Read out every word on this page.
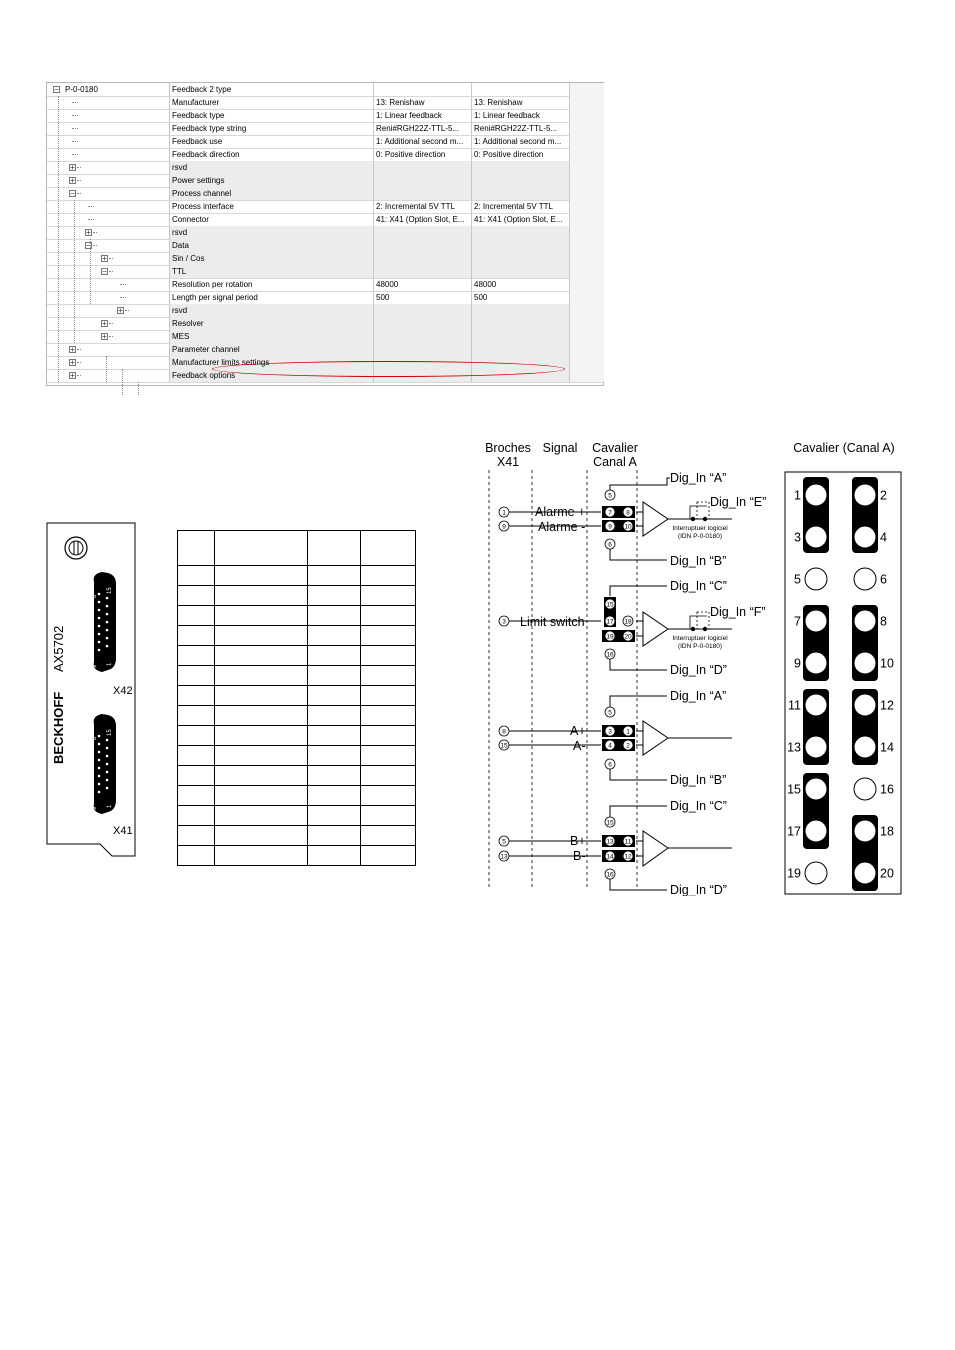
− P-0-0180	Feedback 2 type
Manufacturer	13: Renishaw	13: Renishaw
Feedback type	1: Linear feedback	1: Linear feedback
Feedback type string	Reni#RGH22Z-TTL-5...	Reni#RGH22Z-TTL-5...
Feedback use	1: Additional second m...	1: Additional second m...
Feedback direction	0: Positive direction	0: Positive direction
+	rsvd
+	Power settings
−	Process channel
Process interface	2: Incremental 5V TTL	2: Incremental 5V TTL
Connector	41: X41 (Option Slot, E...	41: X41 (Option Slot, E...
+	rsvd
−	Data
+	Sin / Cos
−	TTL
Resolution per rotation	48000	48000
Length per signal period	500	500
+	rsvd
+	Resolver
+	MES
+	Parameter channel
+	Manufacturer limits settings
+	Feedback options
15
1
8
9
15
1
8
9
BECKHOFF
AX5702
X42
X41

Broches
X41
Signal Cavalier
Canal A
Cavalier (Canal A)
1	2
3	4
5	6
7	8
9	10
11	12
13	14
15	16
17	18
19	20
Dig_In “A”
Dig_In “E”
Dig_In “B”
Dig_In “C”
Dig_In “F”
Dig_In “D”
Dig_In “A”
Dig_In “B”
Dig_In “C”
Dig_In “D”
Alarme +
Alarme -
Limit switch
A+
A-
B+
B-
Interruptuer logiciel
(IDN P-0-0180)
Interruptuer logiciel
(IDN P-0-0180)
1
9
3
8
15
5
13
5
7 8
9 10
6
15
17 18
19 20
16
5
3 1
4 2
6
15
13 11
14 12
16
